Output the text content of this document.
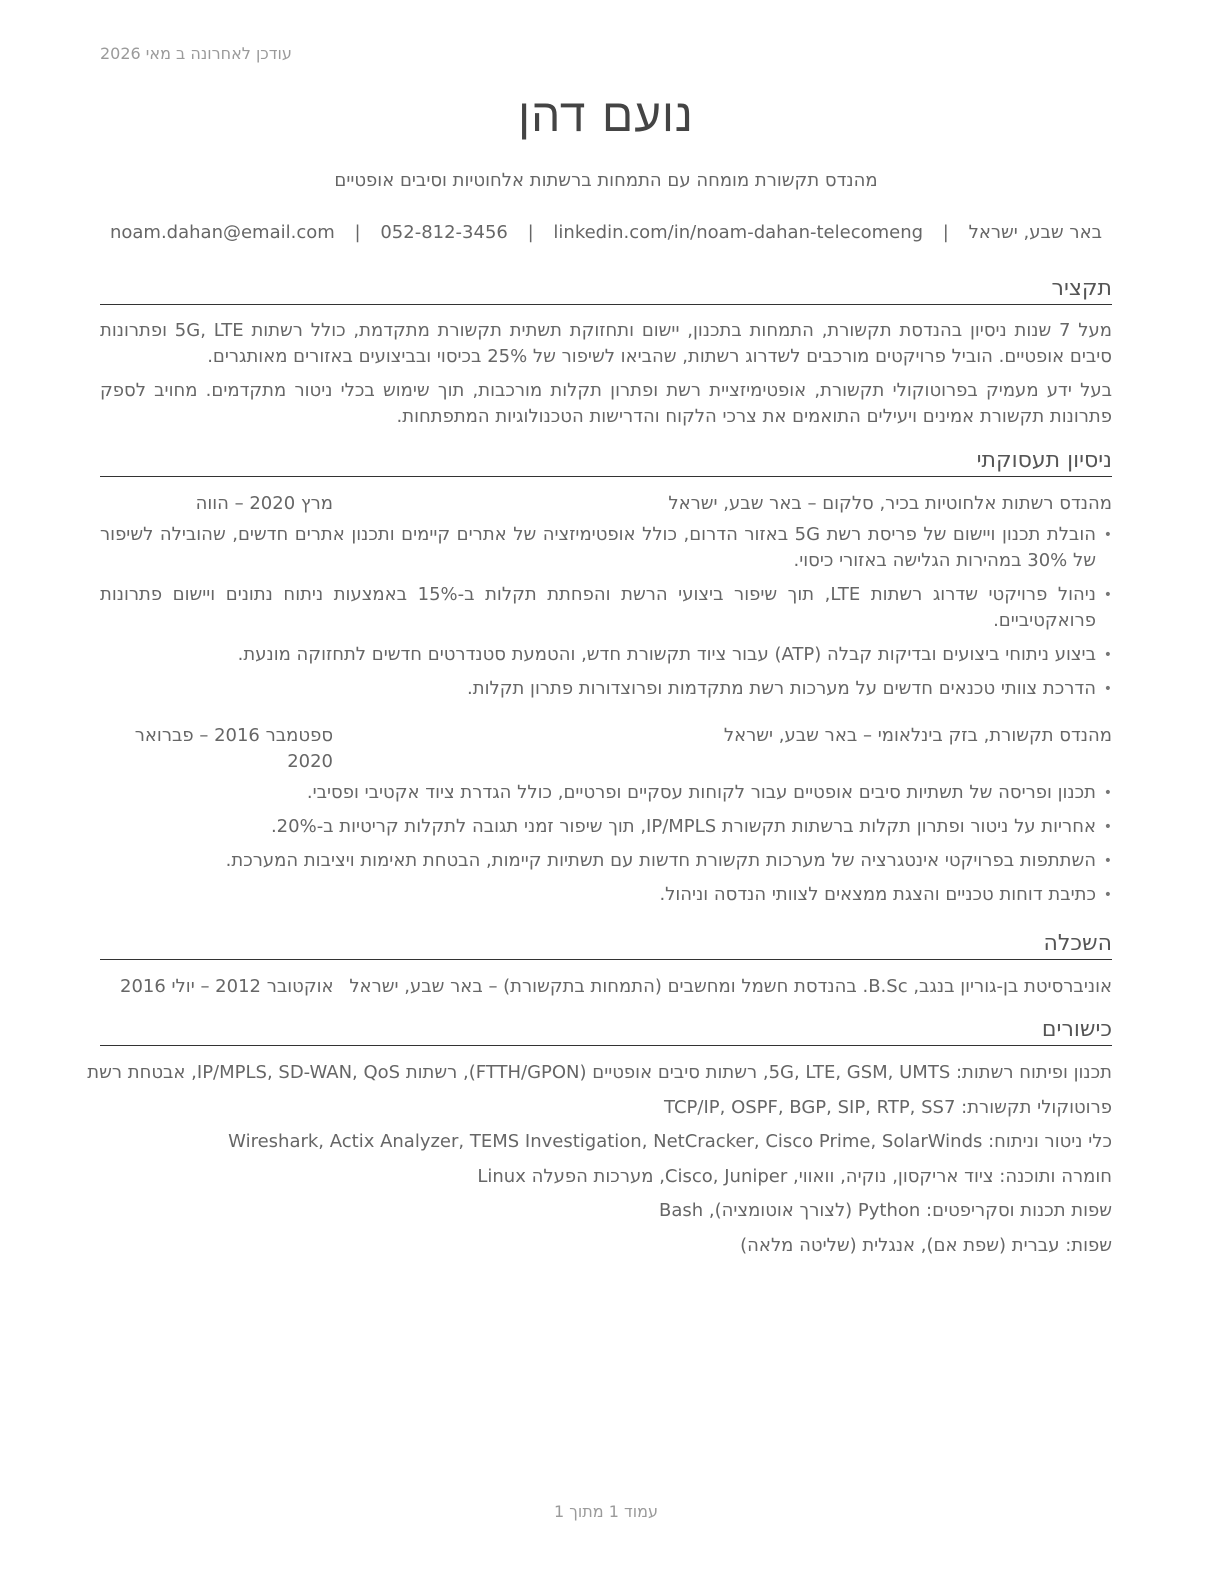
עודכן לאחרונה ב מאי 2026
נועם דהן
מהנדס תקשורת מומחה עם התמחות ברשתות אלחוטיות וסיבים אופטיים
באר שבע, ישראל | noam.dahan@email.com | 052-812-3456 | linkedin.com/in/noam-dahan-telecomeng
תקציר

מעל 7 שנות ניסיון בהנדסת תקשורת, התמחות בתכנון, יישום ותחזוקת תשתית תקשורת מתקדמת, כולל רשתות 5G, LTE ופתרונות סיבים אופטיים. הוביל פרויקטים מורכבים לשדרוג רשתות, שהביאו לשיפור של 25% בכיסוי ובביצועים באזורים מאותגרים.

בעל ידע מעמיק בפרוטוקולי תקשורת, אופטימיזציית רשת ופתרון תקלות מורכבות, תוך שימוש בכלי ניטור מתקדמים. מחויב לספק פתרונות תקשורת אמינים ויעילים התואמים את צרכי הלקוח והדרישות הטכנולוגיות המתפתחות.

ניסיון תעסוקתי
מהנדס רשתות אלחוטיות בכיר, סלקום – באר שבע, ישראל
מרץ 2020 – הווה
• הובלת תכנון ויישום של פריסת רשת 5G באזור הדרום, כולל אופטימיזציה של אתרים קיימים ותכנון אתרים חדשים, שהובילה לשיפור של 30% במהירות הגלישה באזורי כיסוי.
• ניהול פרויקטי שדרוג רשתות LTE, תוך שיפור ביצועי הרשת והפחתת תקלות ב-15% באמצעות ניתוח נתונים ויישום פתרונות פרואקטיביים.
• ביצוע ניתוחי ביצועים ובדיקות קבלה (ATP) עבור ציוד תקשורת חדש, והטמעת סטנדרטים חדשים לתחזוקה מונעת.
• הדרכת צוותי טכנאים חדשים על מערכות רשת מתקדמות ופרוצדורות פתרון תקלות.
מהנדס תקשורת, בזק בינלאומי – באר שבע, ישראל
ספטמבר 2016 – פברואר 2020
• תכנון ופריסה של תשתיות סיבים אופטיים עבור לקוחות עסקיים ופרטיים, כולל הגדרת ציוד אקטיבי ופסיבי.
• אחריות על ניטור ופתרון תקלות ברשתות תקשורת IP/MPLS, תוך שיפור זמני תגובה לתקלות קריטיות ב-20%.
• השתתפות בפרויקטי אינטגרציה של מערכות תקשורת חדשות עם תשתיות קיימות, הבטחת תאימות ויציבות המערכת.
• כתיבת דוחות טכניים והצגת ממצאים לצוותי הנדסה וניהול.
השכלה
אוניברסיטת בן-גוריון בנגב, B.Sc. בהנדסת חשמל ומחשבים (התמחות בתקשורת) – באר שבע, ישראל
אוקטובר 2012 – יולי 2016
כישורים
תכנון ופיתוח רשתות: 5G, LTE, GSM, UMTS, רשתות סיבים אופטיים (FTTH/GPON), רשתות IP/MPLS, SD-WAN, QoS, אבטחת רשת
פרוטוקולי תקשורת: TCP/IP, OSPF, BGP, SIP, RTP, SS7
כלי ניטור וניתוח: Wireshark, Actix Analyzer, TEMS Investigation, NetCracker, Cisco Prime, SolarWinds
חומרה ותוכנה: ציוד אריקסון, נוקיה, וואווי, Cisco, Juniper, מערכות הפעלה Linux
שפות תכנות וסקריפטים: Python (לצורך אוטומציה), Bash
שפות: עברית (שפת אם), אנגלית (שליטה מלאה)
עמוד 1 מתוך 1
